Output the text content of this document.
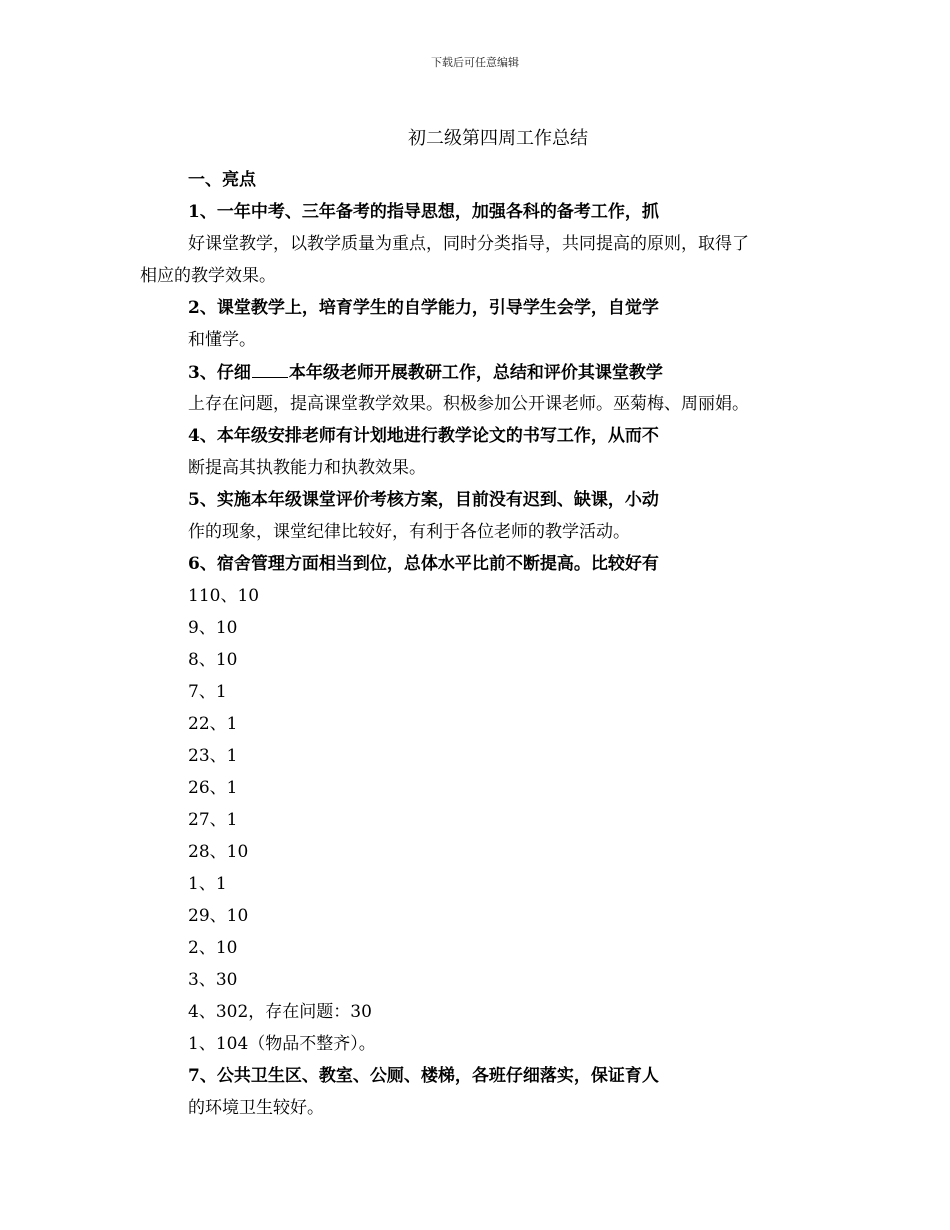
下载后可任意编辑
初二级第四周工作总结
一、亮点
1、一年中考、三年备考的指导思想，加强各科的备考工作，抓
好课堂教学，以教学质量为重点，同时分类指导，共同提高的原则，取得了
相应的教学效果。
2、课堂教学上，培育学生的自学能力，引导学生会学，自觉学
和懂学。
3、仔细 本年级老师开展教研工作，总结和评价其课堂教学
上存在问题，提高课堂教学效果。积极参加公开课老师。巫菊梅、周丽娟。
4、本年级安排老师有计划地进行教学论文的书写工作，从而不
断提高其执教能力和执教效果。
5、实施本年级课堂评价考核方案，目前没有迟到、缺课，小动
作的现象，课堂纪律比较好，有利于各位老师的教学活动。
6、宿舍管理方面相当到位，总体水平比前不断提高。比较好有
110、10
9、10
8、10
7、1
22、1
23、1
26、1
27、1
28、10
1、1
29、10
2、10
3、30
4、302，存在问题：30
1、104（物品不整齐）。
7、公共卫生区、教室、公厕、楼梯，各班仔细落实，保证育人
的环境卫生较好。
